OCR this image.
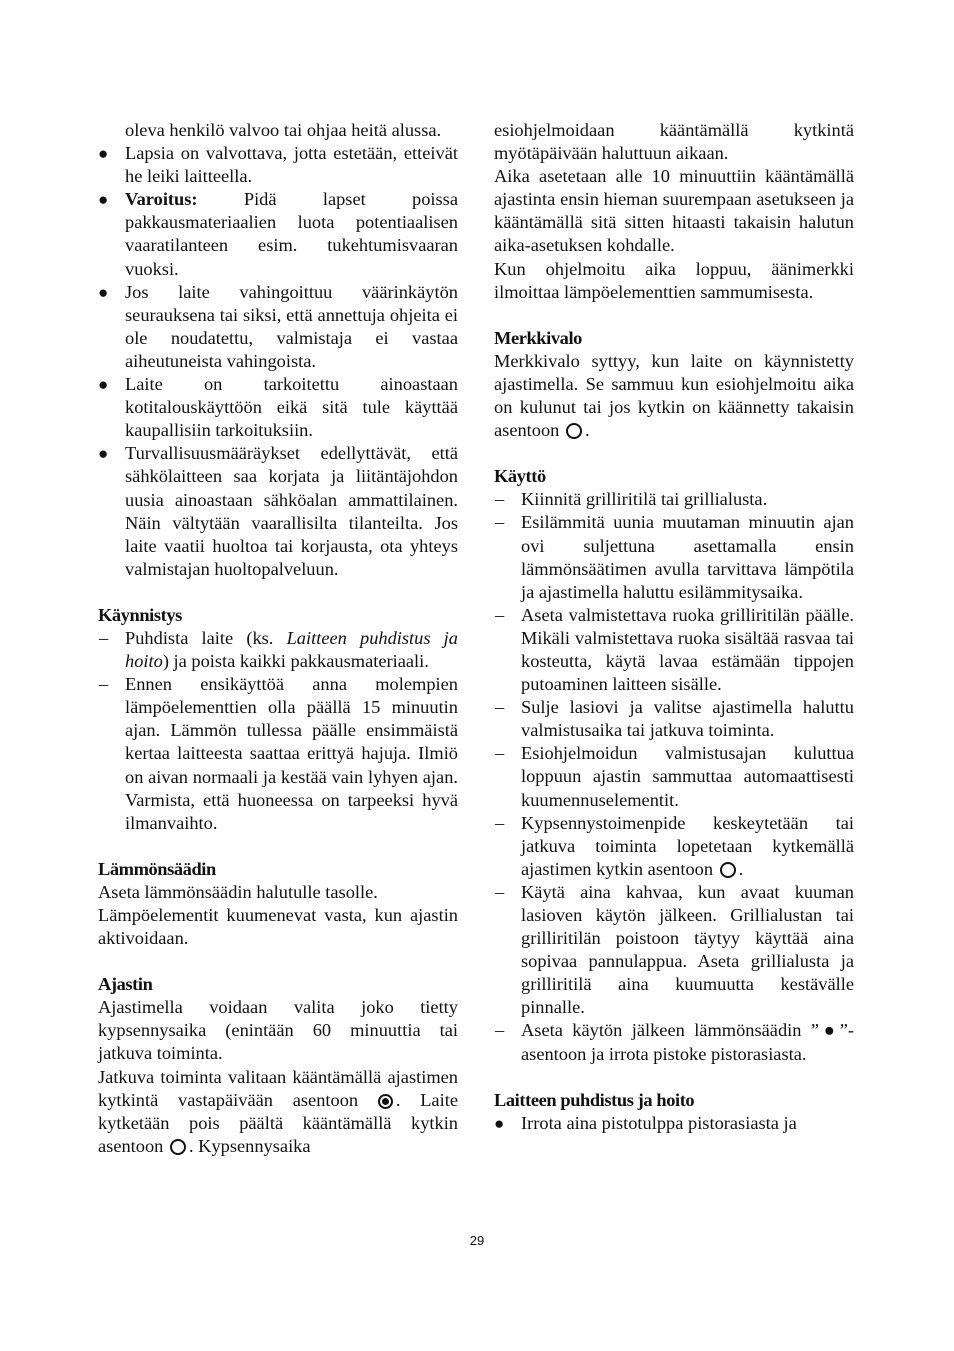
oleva henkilö valvoo tai ohjaa heitä alussa.
● Lapsia on valvottava, jotta estetään, etteivät he leiki laitteella.
● Varoitus: Pidä lapset poissa pakkausmateriaalien luota potentiaalisen vaaratilanteen esim. tukehtumisvaaran vuoksi.
● Jos laite vahingoittuu väärinkäytön seurauksena tai siksi, että annettuja ohjeita ei ole noudatettu, valmistaja ei vastaa aiheutuneista vahingoista.
● Laite on tarkoitettu ainoastaan kotitalouskäyttöön eikä sitä tule käyttää kaupallisiin tarkoituksiin.
● Turvallisuusmääräykset edellyttävät, että sähkölaitteen saa korjata ja liitäntäjohdon uusia ainoastaan sähköalan ammattilainen. Näin vältytään vaarallisilta tilanteilta. Jos laite vaatii huoltoa tai korjausta, ota yhteys valmistajan huoltopalveluun.

Käynnistys

– Puhdista laite (ks. Laitteen puhdistus ja hoito) ja poista kaikki pakkausmateriaali.
– Ennen ensikäyttöä anna molempien lämpöelementtien olla päällä 15 minuutin ajan. Lämmön tullessa päälle ensimmäistä kertaa laitteesta saattaa erittyä hajuja. Ilmiö on aivan normaali ja kestää vain lyhyen ajan. Varmista, että huoneessa on tarpeeksi hyvä ilmanvaihto.

Lämmönsäädin

Aseta lämmönsäädin halutulle tasolle.

Lämpöelementit kuumenevat vasta, kun ajastin aktivoidaan.

Ajastin

Ajastimella voidaan valita joko tietty kypsennysaika (enintään 60 minuuttia tai jatkuva toiminta.

Jatkuva toiminta valitaan kääntämällä ajastimen kytkintä vastapäivään asentoon . Laite kytketään pois päältä kääntämällä kytkin asentoon . Kypsennysaika

esiohjelmoidaan kääntämällä kytkintä myötäpäivään haluttuun aikaan.

Aika asetetaan alle 10 minuuttiin kääntämällä ajastinta ensin hieman suurempaan asetukseen ja kääntämällä sitä sitten hitaasti takaisin halutun aika-asetuksen kohdalle.

Kun ohjelmoitu aika loppuu, äänimerkki ilmoittaa lämpöelementtien sammumisesta.

Merkkivalo

Merkkivalo syttyy, kun laite on käynnistetty ajastimella. Se sammuu kun esiohjelmoitu aika on kulunut tai jos kytkin on käännetty takaisin asentoon .

Käyttö

– Kiinnitä grilliritilä tai grillialusta.
– Esilämmitä uunia muutaman minuutin ajan ovi suljettuna asettamalla ensin lämmönsäätimen avulla tarvittava lämpötila ja ajastimella haluttu esilämmitysaika.
– Aseta valmistettava ruoka grilliritilän päälle. Mikäli valmistettava ruoka sisältää rasvaa tai kosteutta, käytä lavaa estämään tippojen putoaminen laitteen sisälle.
– Sulje lasiovi ja valitse ajastimella haluttu valmistusaika tai jatkuva toiminta.
– Esiohjelmoidun valmistusajan kuluttua loppuun ajastin sammuttaa automaattisesti kuumennuselementit.
– Kypsennystoimenpide keskeytetään tai jatkuva toiminta lopetetaan kytkemällä ajastimen kytkin asentoon .
– Käytä aina kahvaa, kun avaat kuuman lasioven käytön jälkeen. Grillialustan tai grilliritilän poistoon täytyy käyttää aina sopivaa pannulappua. Aseta grillialusta ja grilliritilä aina kuumuutta kestävälle pinnalle.
– Aseta käytön jälkeen lämmönsäädin ”●”-asentoon ja irrota pistoke pistorasiasta.

Laitteen puhdistus ja hoito

● Irrota aina pistotulppa pistorasiasta ja
29
